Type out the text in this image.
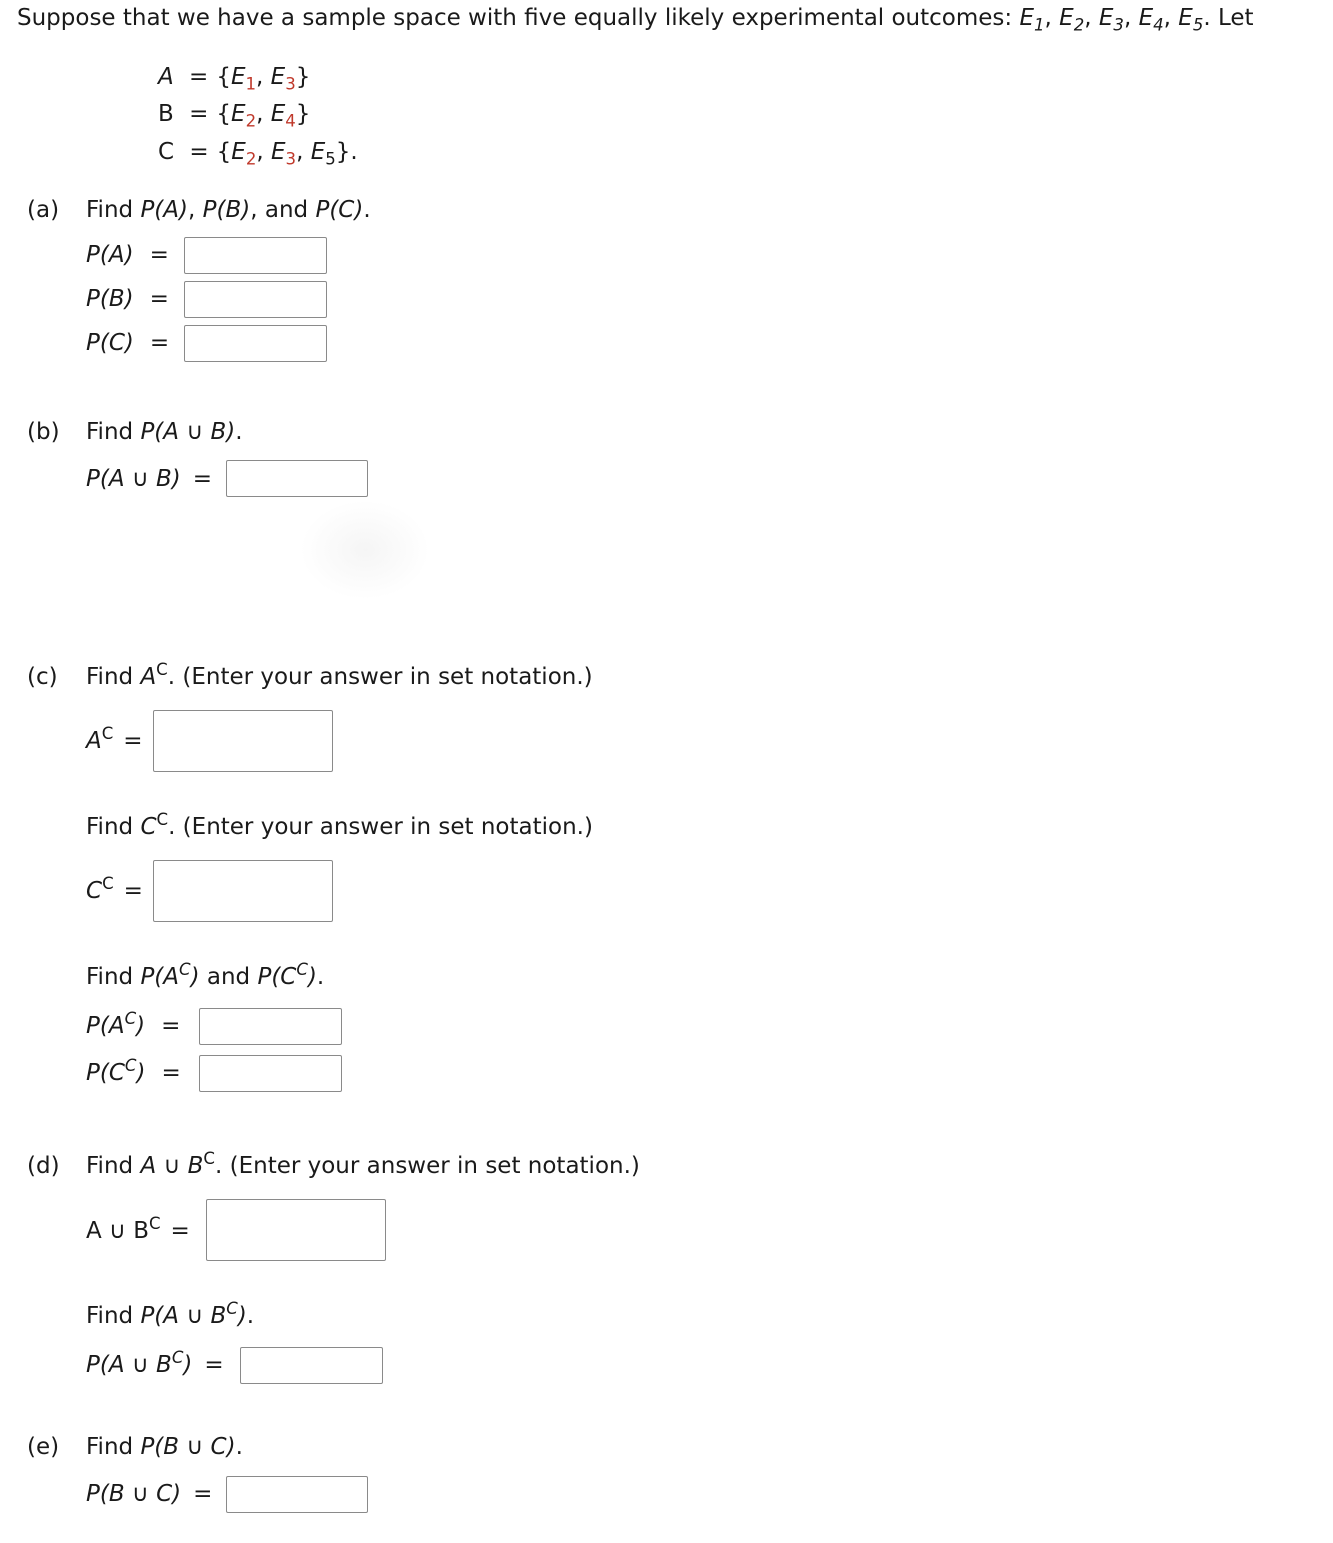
Suppose that we have a sample space with five equally likely experimental outcomes: $E_1$, $E_2$, $E_3$, $E_4$, $E_5$. Let
$A = \{E_1$, $E_3$}
$B = \{E_2$, $E_4$}
$C = \{E_2$, $E_3$, $E_5$}.
(a) Find P(A), P(B), and P(C).
P(A) =
P(B) =
P(C) =
(b) Find P(A ∪ B).
P(A ∪ B) =
(c) Find $A^C$. (Enter your answer in set notation.)
$A^C$ =
Find $C^C$. (Enter your answer in set notation.)
$C^C$ =
Find $P(A^C)$ and $P(C^C)$.
$P(A^C)$ =
$P(C^C)$ =
(d) Find A ∪ $B^C$. (Enter your answer in set notation.)
A ∪ $B^C$ =
Find P(A ∪ $B^C$).
P(A ∪ $B^C$) =
(e) Find P(B ∪ C).
P(B ∪ C) =
